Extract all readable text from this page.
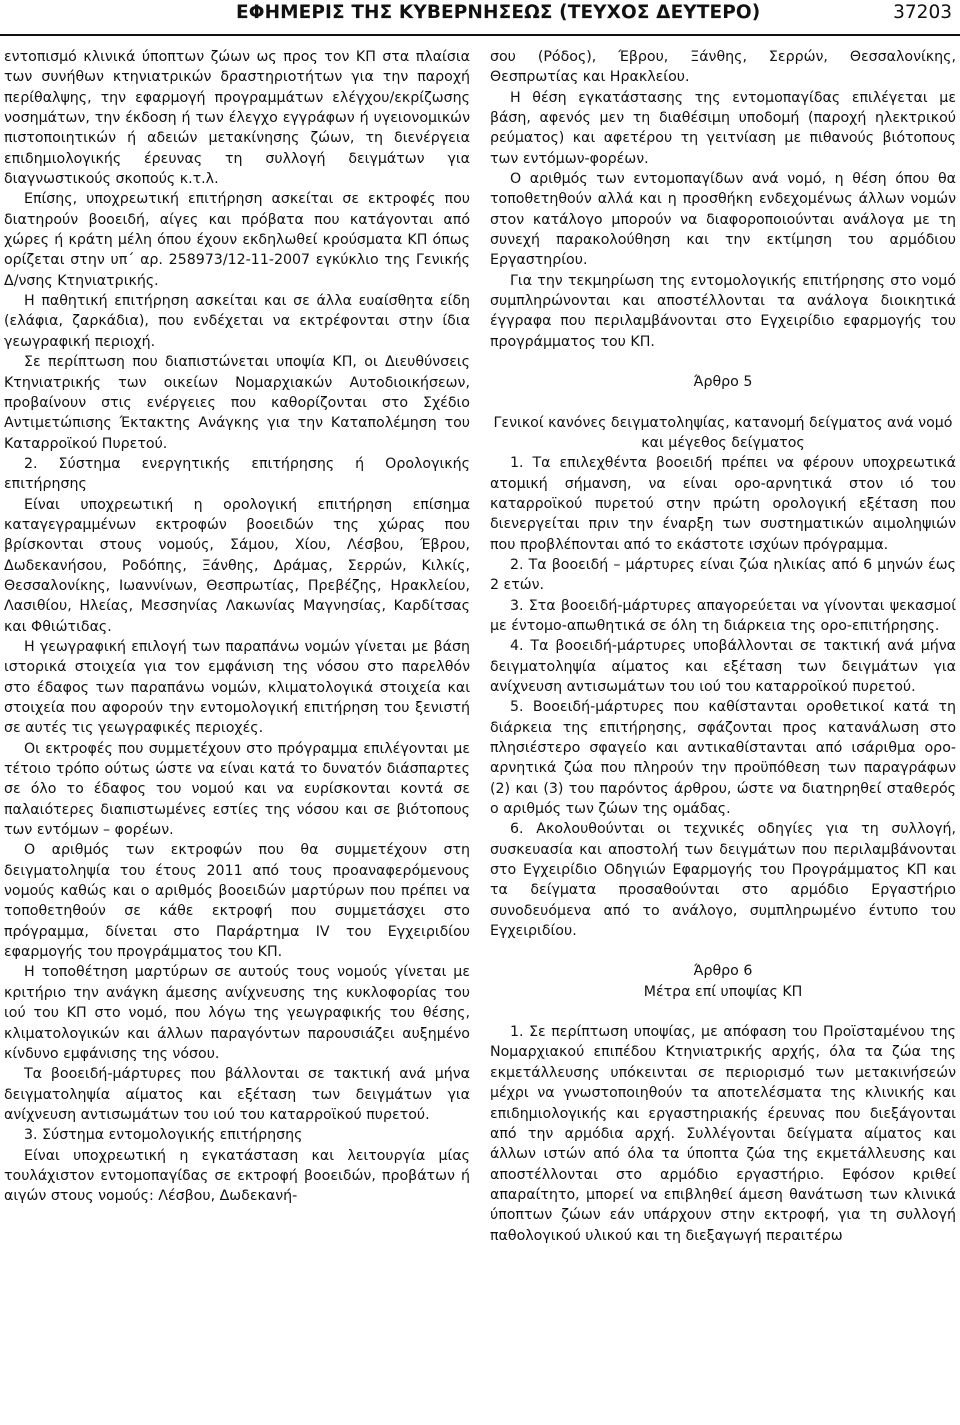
ΕΦΗΜΕΡΙΣ ΤΗΣ ΚΥΒΕΡΝΗΣΕΩΣ (ΤΕΥΧΟΣ ΔΕΥΤΕΡΟ)	37203

εντοπισμό κλινικά ύποπτων ζώων ως προς τον ΚΠ στα πλαίσια των συνήθων κτηνιατρικών δραστηριοτήτων για την παροχή περίθαλψης, την εφαρμογή προγραμμάτων ελέγχου/εκρίζωσης νοσημάτων, την έκδοση ή των έλεγχο εγγράφων ή υγειονομικών πιστοποιητικών ή αδειών μετακίνησης ζώων, τη διενέργεια επιδημιολογικής έρευνας τη συλλογή δειγμάτων για διαγνωστικούς σκοπούς κ.τ.λ.

Επίσης, υποχρεωτική επιτήρηση ασκείται σε εκτροφές που διατηρούν βοοειδή, αίγες και πρόβατα που κατάγονται από χώρες ή κράτη μέλη όπου έχουν εκδηλωθεί κρούσματα ΚΠ όπως ορίζεται στην υπ΄ αρ. 258973/12-11-2007 εγκύκλιο της Γενικής Δ/νσης Κτηνιατρικής.

Η παθητική επιτήρηση ασκείται και σε άλλα ευαίσθητα είδη (ελάφια, ζαρκάδια), που ενδέχεται να εκτρέφονται στην ίδια γεωγραφική περιοχή.

Σε περίπτωση που διαπιστώνεται υποψία ΚΠ, οι Διευθύνσεις Κτηνιατρικής των οικείων Νομαρχιακών Αυτοδιοικήσεων, προβαίνουν στις ενέργειες που καθορίζονται στο Σχέδιο Αντιμετώπισης Έκτακτης Ανάγκης για την Καταπολέμηση του Καταρροϊκού Πυρετού.

2. Σύστημα ενεργητικής επιτήρησης ή Ορολογικής επιτήρησης

Είναι υποχρεωτική η ορολογική επιτήρηση επίσημα καταγεγραμμένων εκτροφών βοοειδών της χώρας που βρίσκονται στους νομούς, Σάμου, Χίου, Λέσβου, Έβρου, Δωδεκανήσου, Ροδόπης, Ξάνθης, Δράμας, Σερρών, Κιλκίς, Θεσσαλονίκης, Ιωαννίνων, Θεσπρωτίας, Πρεβέζης, Ηρακλείου, Λασιθίου, Ηλείας, Μεσσηνίας Λακωνίας Μαγνησίας, Καρδίτσας και Φθιώτιδας.

Η γεωγραφική επιλογή των παραπάνω νομών γίνεται με βάση ιστορικά στοιχεία για τον εμφάνιση της νόσου στο παρελθόν στο έδαφος των παραπάνω νομών, κλιματολογικά στοιχεία και στοιχεία που αφορούν την εντομολογική επιτήρηση του ξενιστή σε αυτές τις γεωγραφικές περιοχές.

Οι εκτροφές που συμμετέχουν στο πρόγραμμα επιλέγονται με τέτοιο τρόπο ούτως ώστε να είναι κατά το δυνατόν διάσπαρτες σε όλο το έδαφος του νομού και να ευρίσκονται κοντά σε παλαιότερες διαπιστωμένες εστίες της νόσου και σε βιότοπους των εντόμων – φορέων.

Ο αριθμός των εκτροφών που θα συμμετέχουν στη δειγματοληψία του έτους 2011 από τους προαναφερόμενους νομούς καθώς και ο αριθμός βοοειδών μαρτύρων που πρέπει να τοποθετηθούν σε κάθε εκτροφή που συμμετάσχει στο πρόγραμμα, δίνεται στο Παράρτημα IV του Εγχειριδίου εφαρμογής του προγράμματος του ΚΠ.

Η τοποθέτηση μαρτύρων σε αυτούς τους νομούς γίνεται με κριτήριο την ανάγκη άμεσης ανίχνευσης της κυκλοφορίας του ιού του ΚΠ στο νομό, που λόγω της γεωγραφικής του θέσης, κλιματολογικών και άλλων παραγόντων παρουσιάζει αυξημένο κίνδυνο εμφάνισης της νόσου.

Τα βοοειδή-μάρτυρες που βάλλονται σε τακτική ανά μήνα δειγματοληψία αίματος και εξέταση των δειγμάτων για ανίχνευση αντισωμάτων του ιού του καταρροϊκού πυρετού.

3. Σύστημα εντομολογικής επιτήρησης

Είναι υποχρεωτική η εγκατάσταση και λειτουργία μίας τουλάχιστον εντομοπαγίδας σε εκτροφή βοοειδών, προβάτων ή αιγών στους νομούς: Λέσβου, Δωδεκανή-

σου (Ρόδος), Έβρου, Ξάνθης, Σερρών, Θεσσαλονίκης, Θεσπρωτίας και Ηρακλείου.

Η θέση εγκατάστασης της εντομοπαγίδας επιλέγεται με βάση, αφενός μεν τη διαθέσιμη υποδομή (παροχή ηλεκτρικού ρεύματος) και αφετέρου τη γειτνίαση με πιθανούς βιότοπους των εντόμων-φορέων.

Ο αριθμός των εντομοπαγίδων ανά νομό, η θέση όπου θα τοποθετηθούν αλλά και η προσθήκη ενδεχομένως άλλων νομών στον κατάλογο μπορούν να διαφοροποιούνται ανάλογα με τη συνεχή παρακολούθηση και την εκτίμηση του αρμόδιου Εργαστηρίου.

Για την τεκμηρίωση της εντομολογικής επιτήρησης στο νομό συμπληρώνονται και αποστέλλονται τα ανάλογα διοικητικά έγγραφα που περιλαμβάνονται στο Εγχειρίδιο εφαρμογής του προγράμματος του ΚΠ.

Άρθρο 5

Γενικοί κανόνες δειγματοληψίας, κατανομή δείγματος ανά νομό και μέγεθος δείγματος

1. Τα επιλεχθέντα βοοειδή πρέπει να φέρουν υποχρεωτικά ατομική σήμανση, να είναι ορο-αρνητικά στον ιό του καταρροϊκού πυρετού στην πρώτη ορολογική εξέταση που διενεργείται πριν την έναρξη των συστηματικών αιμοληψιών που προβλέπονται από το εκάστοτε ισχύων πρόγραμμα.

2. Τα βοοειδή – μάρτυρες είναι ζώα ηλικίας από 6 μηνών έως 2 ετών.

3. Στα βοοειδή-μάρτυρες απαγορεύεται να γίνονται ψεκασμοί με έντομο-απωθητικά σε όλη τη διάρκεια της ορο-επιτήρησης.

4. Τα βοοειδή-μάρτυρες υποβάλλονται σε τακτική ανά μήνα δειγματοληψία αίματος και εξέταση των δειγμάτων για ανίχνευση αντισωμάτων του ιού του καταρροϊκού πυρετού.

5. Βοοειδή-μάρτυρες που καθίστανται οροθετικοί κατά τη διάρκεια της επιτήρησης, σφάζονται προς κατανάλωση στο πλησιέστερο σφαγείο και αντικαθίστανται από ισάριθμα ορο-αρνητικά ζώα που πληρούν την προϋπόθεση των παραγράφων (2) και (3) του παρόντος άρθρου, ώστε να διατηρηθεί σταθερός ο αριθμός των ζώων της ομάδας.

6. Ακολουθούνται οι τεχνικές οδηγίες για τη συλλογή, συσκευασία και αποστολή των δειγμάτων που περιλαμβάνονται στο Εγχειρίδιο Οδηγιών Εφαρμογής του Προγράμματος ΚΠ και τα δείγματα προσαθούνται στο αρμόδιο Εργαστήριο συνοδευόμενα από το ανάλογο, συμπληρωμένο έντυπο του Εγχειριδίου.

Άρθρο 6

Μέτρα επί υποψίας ΚΠ

1. Σε περίπτωση υποψίας, με απόφαση του Προϊσταμένου της Νομαρχιακού επιπέδου Κτηνιατρικής αρχής, όλα τα ζώα της εκμετάλλευσης υπόκεινται σε περιορισμό των μετακινήσεών μέχρι να γνωστοποιηθούν τα αποτελέσματα της κλινικής και επιδημιολογικής και εργαστηριακής έρευνας που διεξάγονται από την αρμόδια αρχή. Συλλέγονται δείγματα αίματος και άλλων ιστών από όλα τα ύποπτα ζώα της εκμετάλλευσης και αποστέλλονται στο αρμόδιο εργαστήριο. Εφόσον κριθεί απαραίτητο, μπορεί να επιβληθεί άμεση θανάτωση των κλινικά ύποπτων ζώων εάν υπάρχουν στην εκτροφή, για τη συλλογή παθολογικού υλικού και τη διεξαγωγή περαιτέρω
